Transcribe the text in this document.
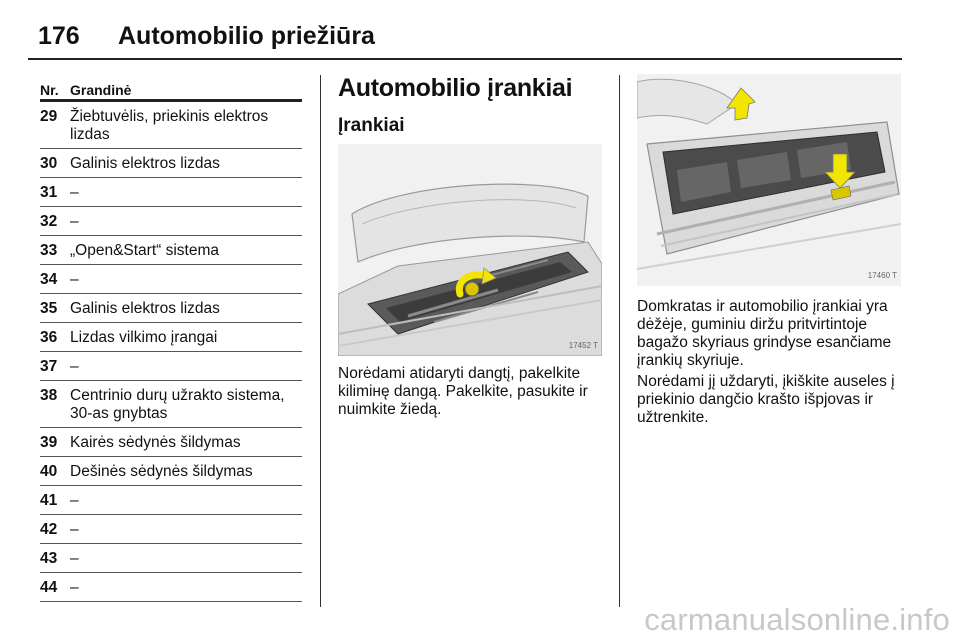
176 Automobilio priežiūra
Nr. Grandinė
29 Žiebtuvėlis, priekinis elektros lizdas
30 Galinis elektros lizdas
31 –
32 –
33 „Open&Start“ sistema
34 –
35 Galinis elektros lizdas
36 Lizdas vilkimo įrangai
37 –
38 Centrinio durų užrakto sistema, 30-as gnybtas
39 Kairės sėdynės šildymas
40 Dešinės sėdynės šildymas
41 –
42 –
43 –
44 –
Automobilio įrankiai
Įrankiai
17452 T
Norėdami atidaryti dangtį, pakelkite kilimінę dangą. Pakelkite, pasukite ir nuimkite žiedą.
17460 T
Domkratas ir automobilio įrankiai yra dėžėje, guminiu diržu pritvirtintoje bagažo skyriaus grindyse esančiame įrankių skyriuje.
Norėdami jį uždaryti, įkiškite auseles į priekinio dangčio krašto išpjovas ir užtrenkite.
carmanualsonline.info
